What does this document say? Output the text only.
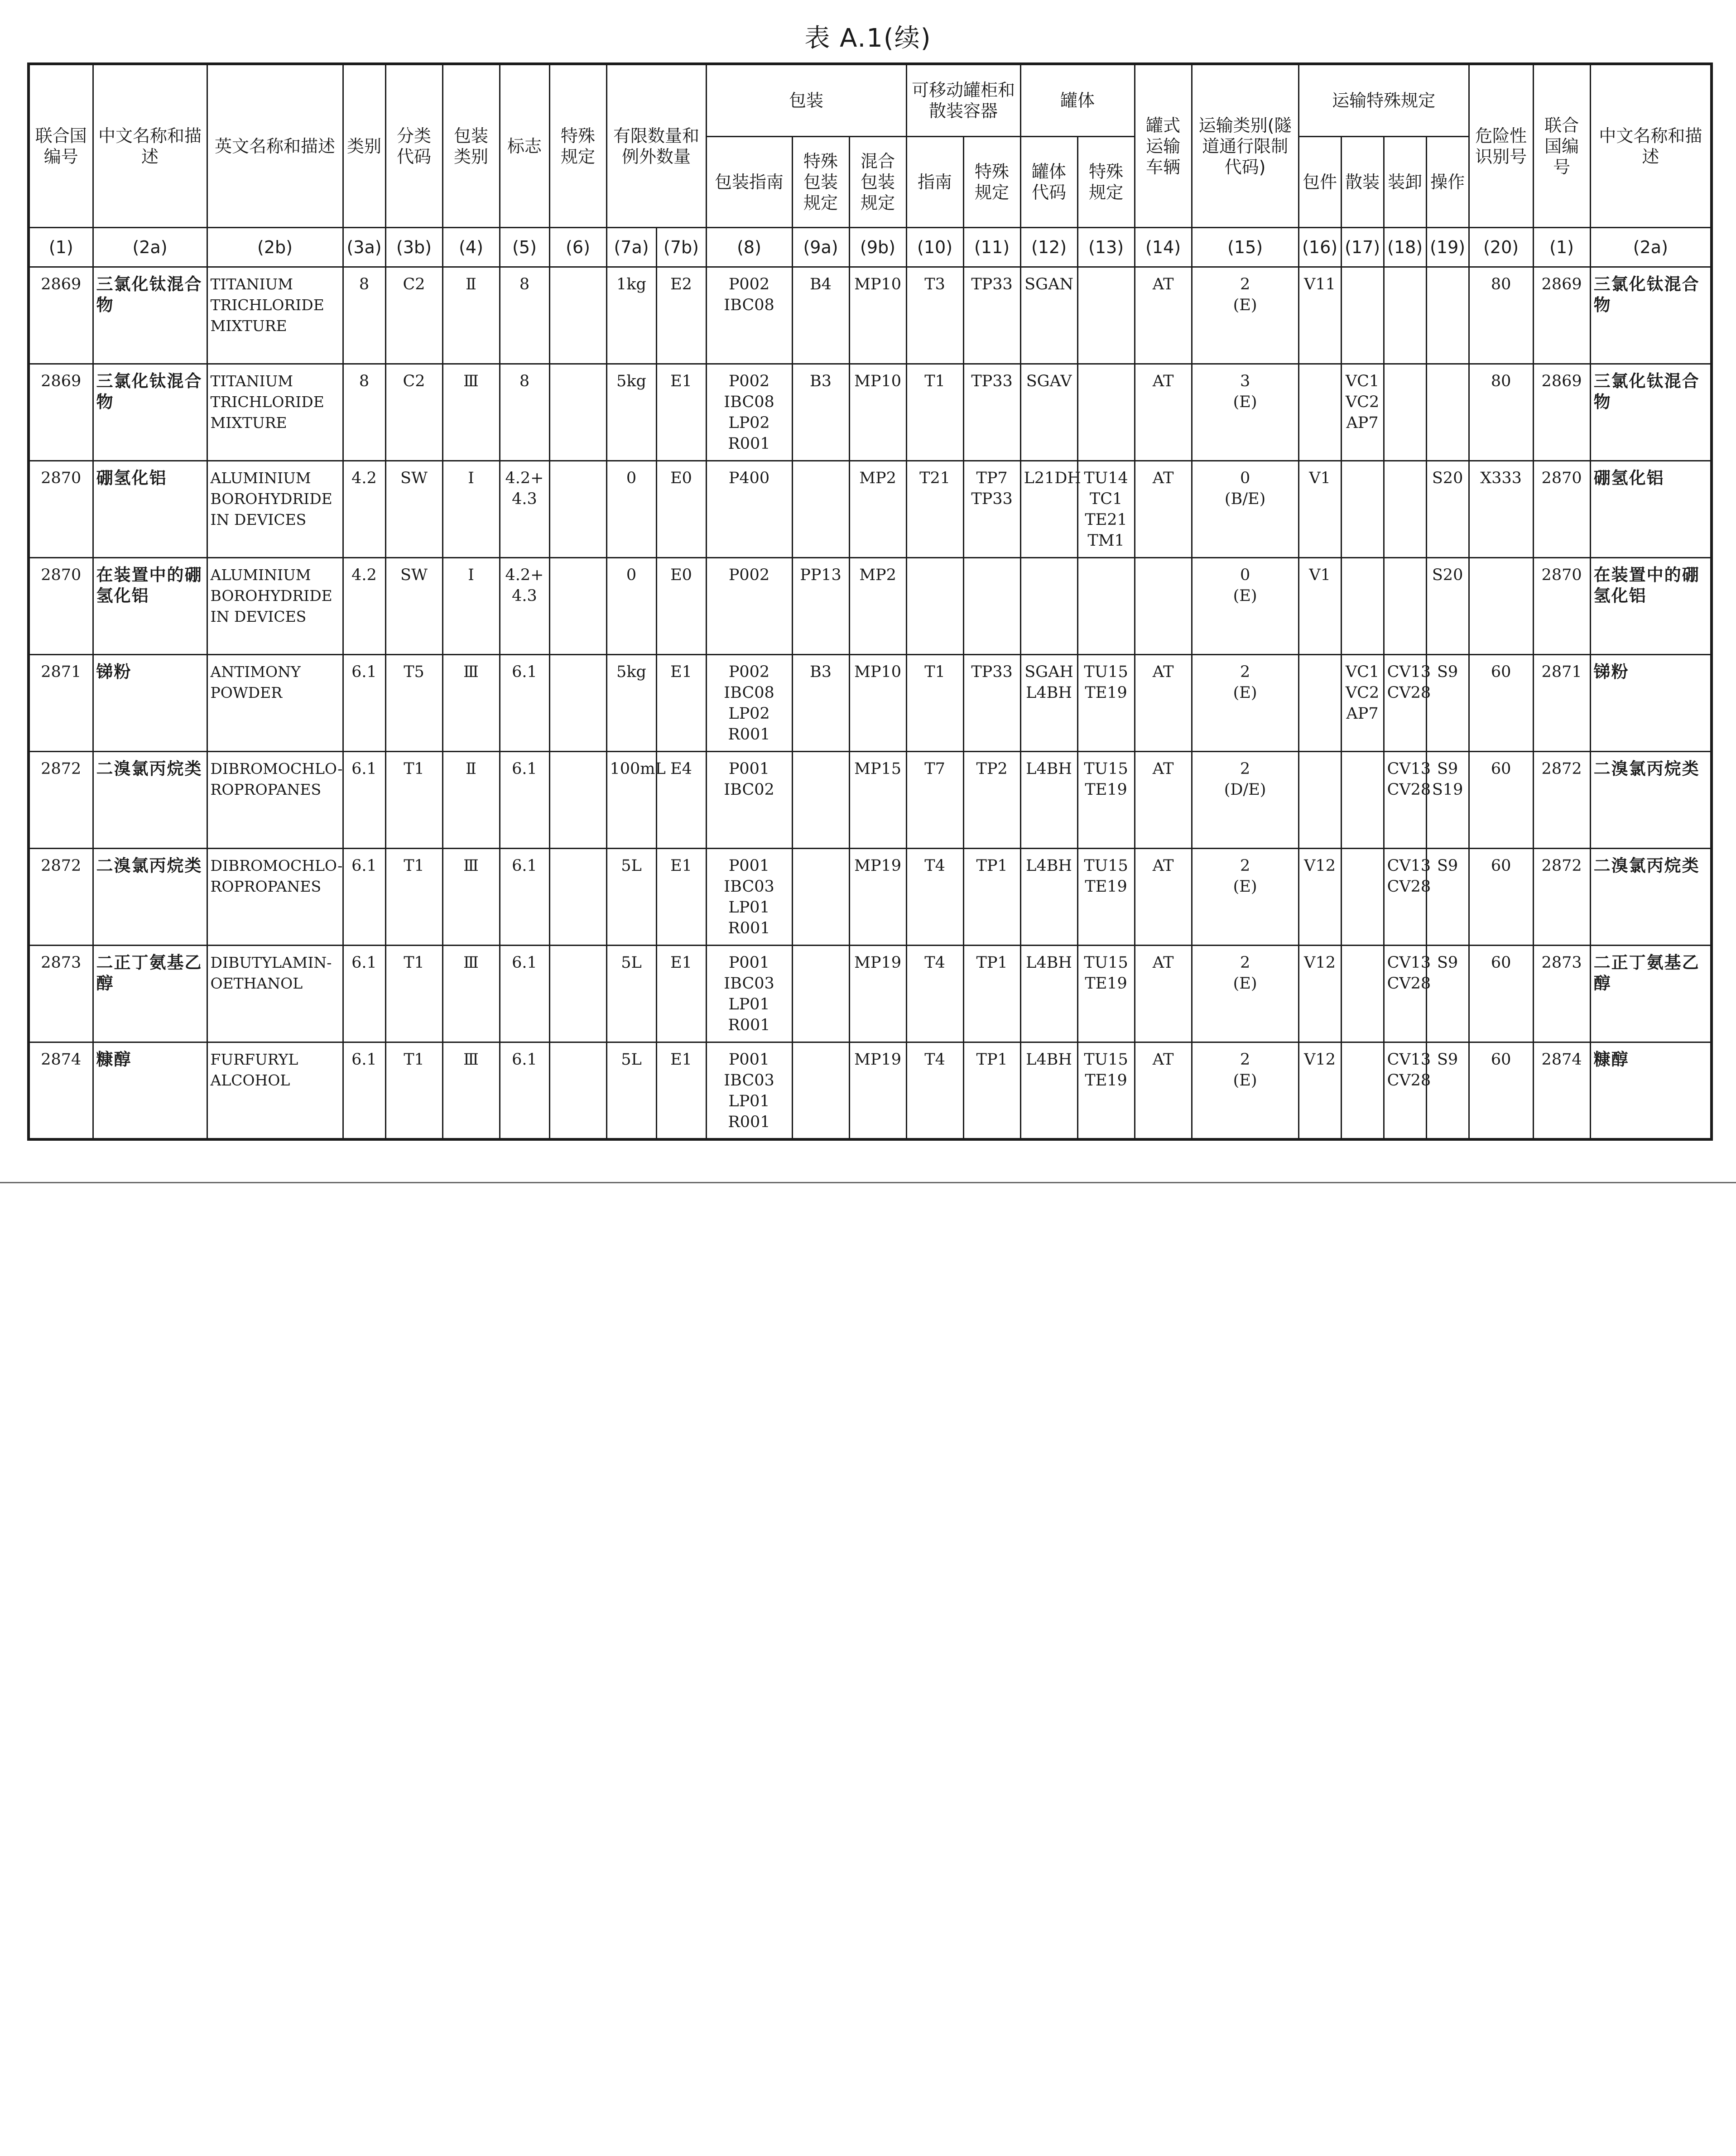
表 A.1(续)
联合国编号	中文名称和描述	英文名称和描述	类别	分类代码	包装类别	标志	特殊规定	有限数量和例外数量		包装			可移动罐柜和散装容器		罐体		罐式运输车辆	运输类别(隧道通行限制代码)	运输特殊规定				危险性识别号	联合国编号	中文名称和描述
										包装指南	特殊包装规定	混合包装规定	指南	特殊规定	罐体代码	特殊规定			包件	散装	装卸	操作			
(1)	(2a)	(2b)	(3a)	(3b)	(4)	(5)	(6)	(7a)	(7b)	(8)	(9a)	(9b)	(10)	(11)	(12)	(13)	(14)	(15)	(16)	(17)	(18)	(19)	(20)	(1)	(2a)
2869	三氯化钛混合物	TITANIUM
TRICHLORIDE
MIXTURE	8	C2	Ⅱ	8		1kg	E2	P002
IBC08	B4	MP10	T3	TP33	SGAN		AT	2
(E)	V11				80	2869	三氯化钛混合物
2869	三氯化钛混合物	TITANIUM
TRICHLORIDE
MIXTURE	8	C2	Ⅲ	8		5kg	E1	P002
IBC08
LP02
R001	B3	MP10	T1	TP33	SGAV		AT	3
(E)		VC1
VC2
AP7			80	2869	三氯化钛混合物
2870	硼氢化铝	ALUMINIUM
BOROHYDRIDE
IN DEVICES	4.2	SW	Ⅰ	4.2+
4.3		0	E0	P400		MP2	T21	TP7
TP33	L21DH	TU14
TC1
TE21
TM1	AT	0
(B/E)	V1			S20	X333	2870	硼氢化铝
2870	在装置中的硼氢化铝	ALUMINIUM
BOROHYDRIDE
IN DEVICES	4.2	SW	Ⅰ	4.2+
4.3		0	E0	P002	PP13	MP2						0
(E)	V1			S20		2870	在装置中的硼氢化铝
2871	锑粉	ANTIMONY
POWDER	6.1	T5	Ⅲ	6.1		5kg	E1	P002
IBC08
LP02
R001	B3	MP10	T1	TP33	SGAH
L4BH	TU15
TE19	AT	2
(E)		VC1
VC2
AP7	CV13
CV28	S9	60	2871	锑粉
2872	二溴氯丙烷类	DIBROMOCHLO-
ROPROPANES	6.1	T1	Ⅱ	6.1		100mL	E4	P001
IBC02		MP15	T7	TP2	L4BH	TU15
TE19	AT	2
(D/E)			CV13
CV28	S9
S19	60	2872	二溴氯丙烷类
2872	二溴氯丙烷类	DIBROMOCHLO-
ROPROPANES	6.1	T1	Ⅲ	6.1		5L	E1	P001
IBC03
LP01
R001		MP19	T4	TP1	L4BH	TU15
TE19	AT	2
(E)	V12		CV13
CV28	S9	60	2872	二溴氯丙烷类
2873	二正丁氨基乙醇	DIBUTYLAMIN-
OETHANOL	6.1	T1	Ⅲ	6.1		5L	E1	P001
IBC03
LP01
R001		MP19	T4	TP1	L4BH	TU15
TE19	AT	2
(E)	V12		CV13
CV28	S9	60	2873	二正丁氨基乙醇
2874	糠醇	FURFURYL
ALCOHOL	6.1	T1	Ⅲ	6.1		5L	E1	P001
IBC03
LP01
R001		MP19	T4	TP1	L4BH	TU15
TE19	AT	2
(E)	V12		CV13
CV28	S9	60	2874	糠醇
